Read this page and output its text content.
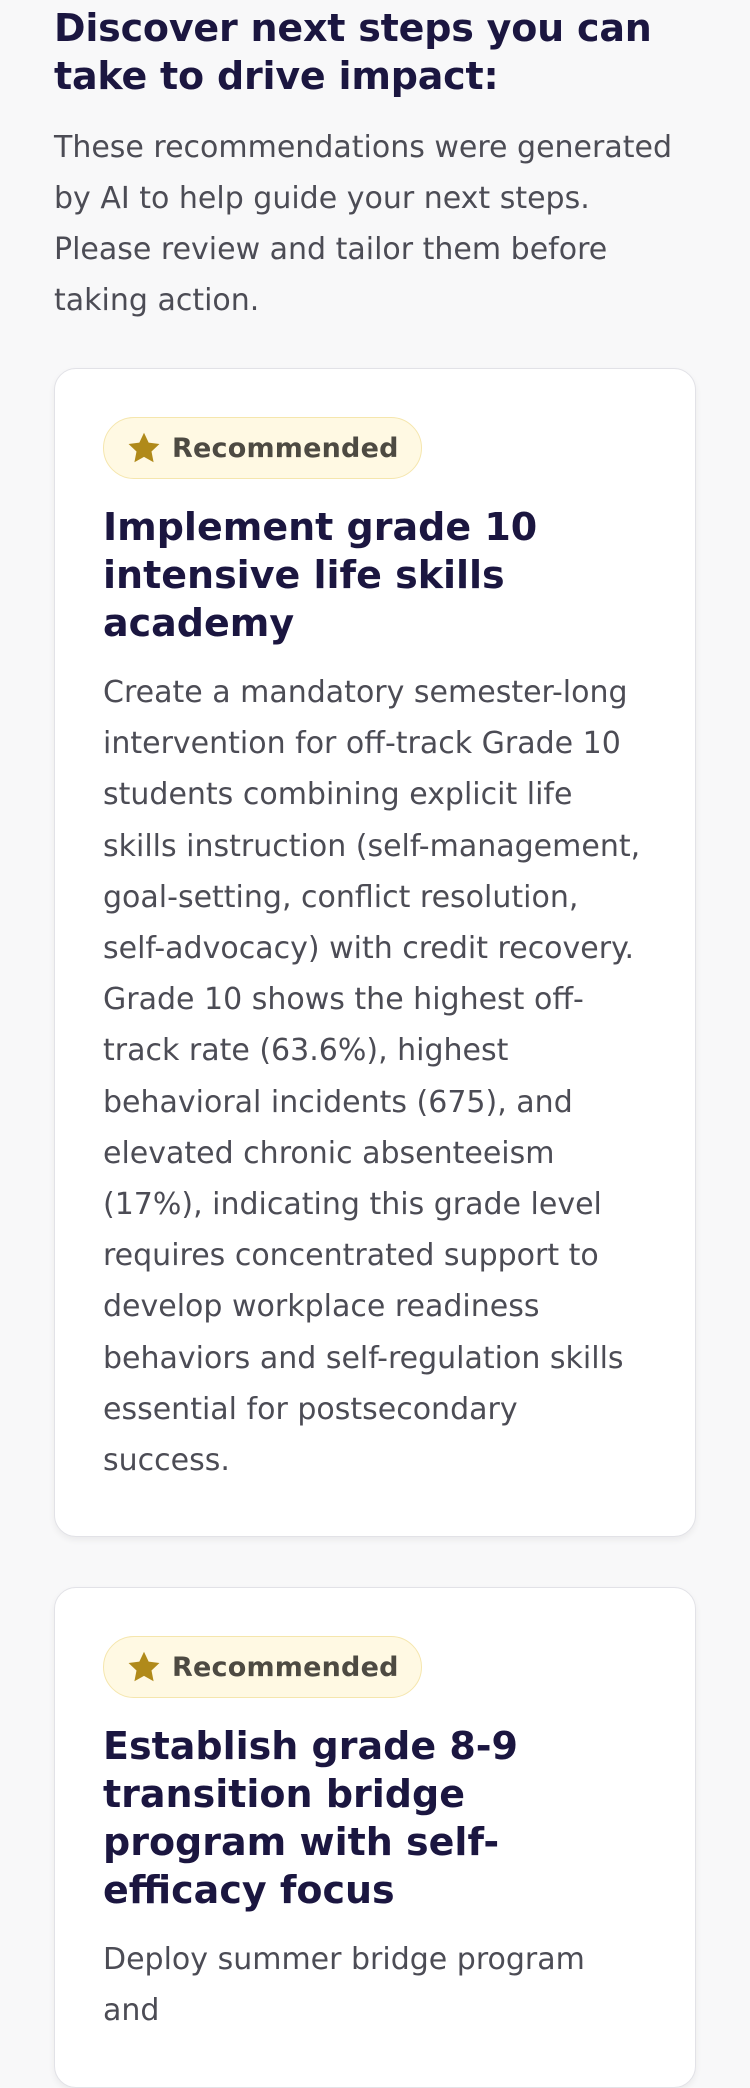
Discover next steps you can take to drive impact:

These recommendations were generated by AI to help guide your next steps. Please review and tailor them before taking action.

Recommended
Implement grade 10 intensive life skills academy

Create a mandatory semester-long intervention for off-track Grade 10 students combining explicit life skills instruction (self-management, goal-setting, conflict resolution, self-advocacy) with credit recovery. Grade 10 shows the highest off-track rate (63.6%), highest behavioral incidents (675), and elevated chronic absenteeism (17%), indicating this grade level requires concentrated support to develop workplace readiness behaviors and self-regulation skills essential for postsecondary success.

Recommended
Establish grade 8-9 transition bridge program with self-efficacy focus

Deploy summer bridge program and
